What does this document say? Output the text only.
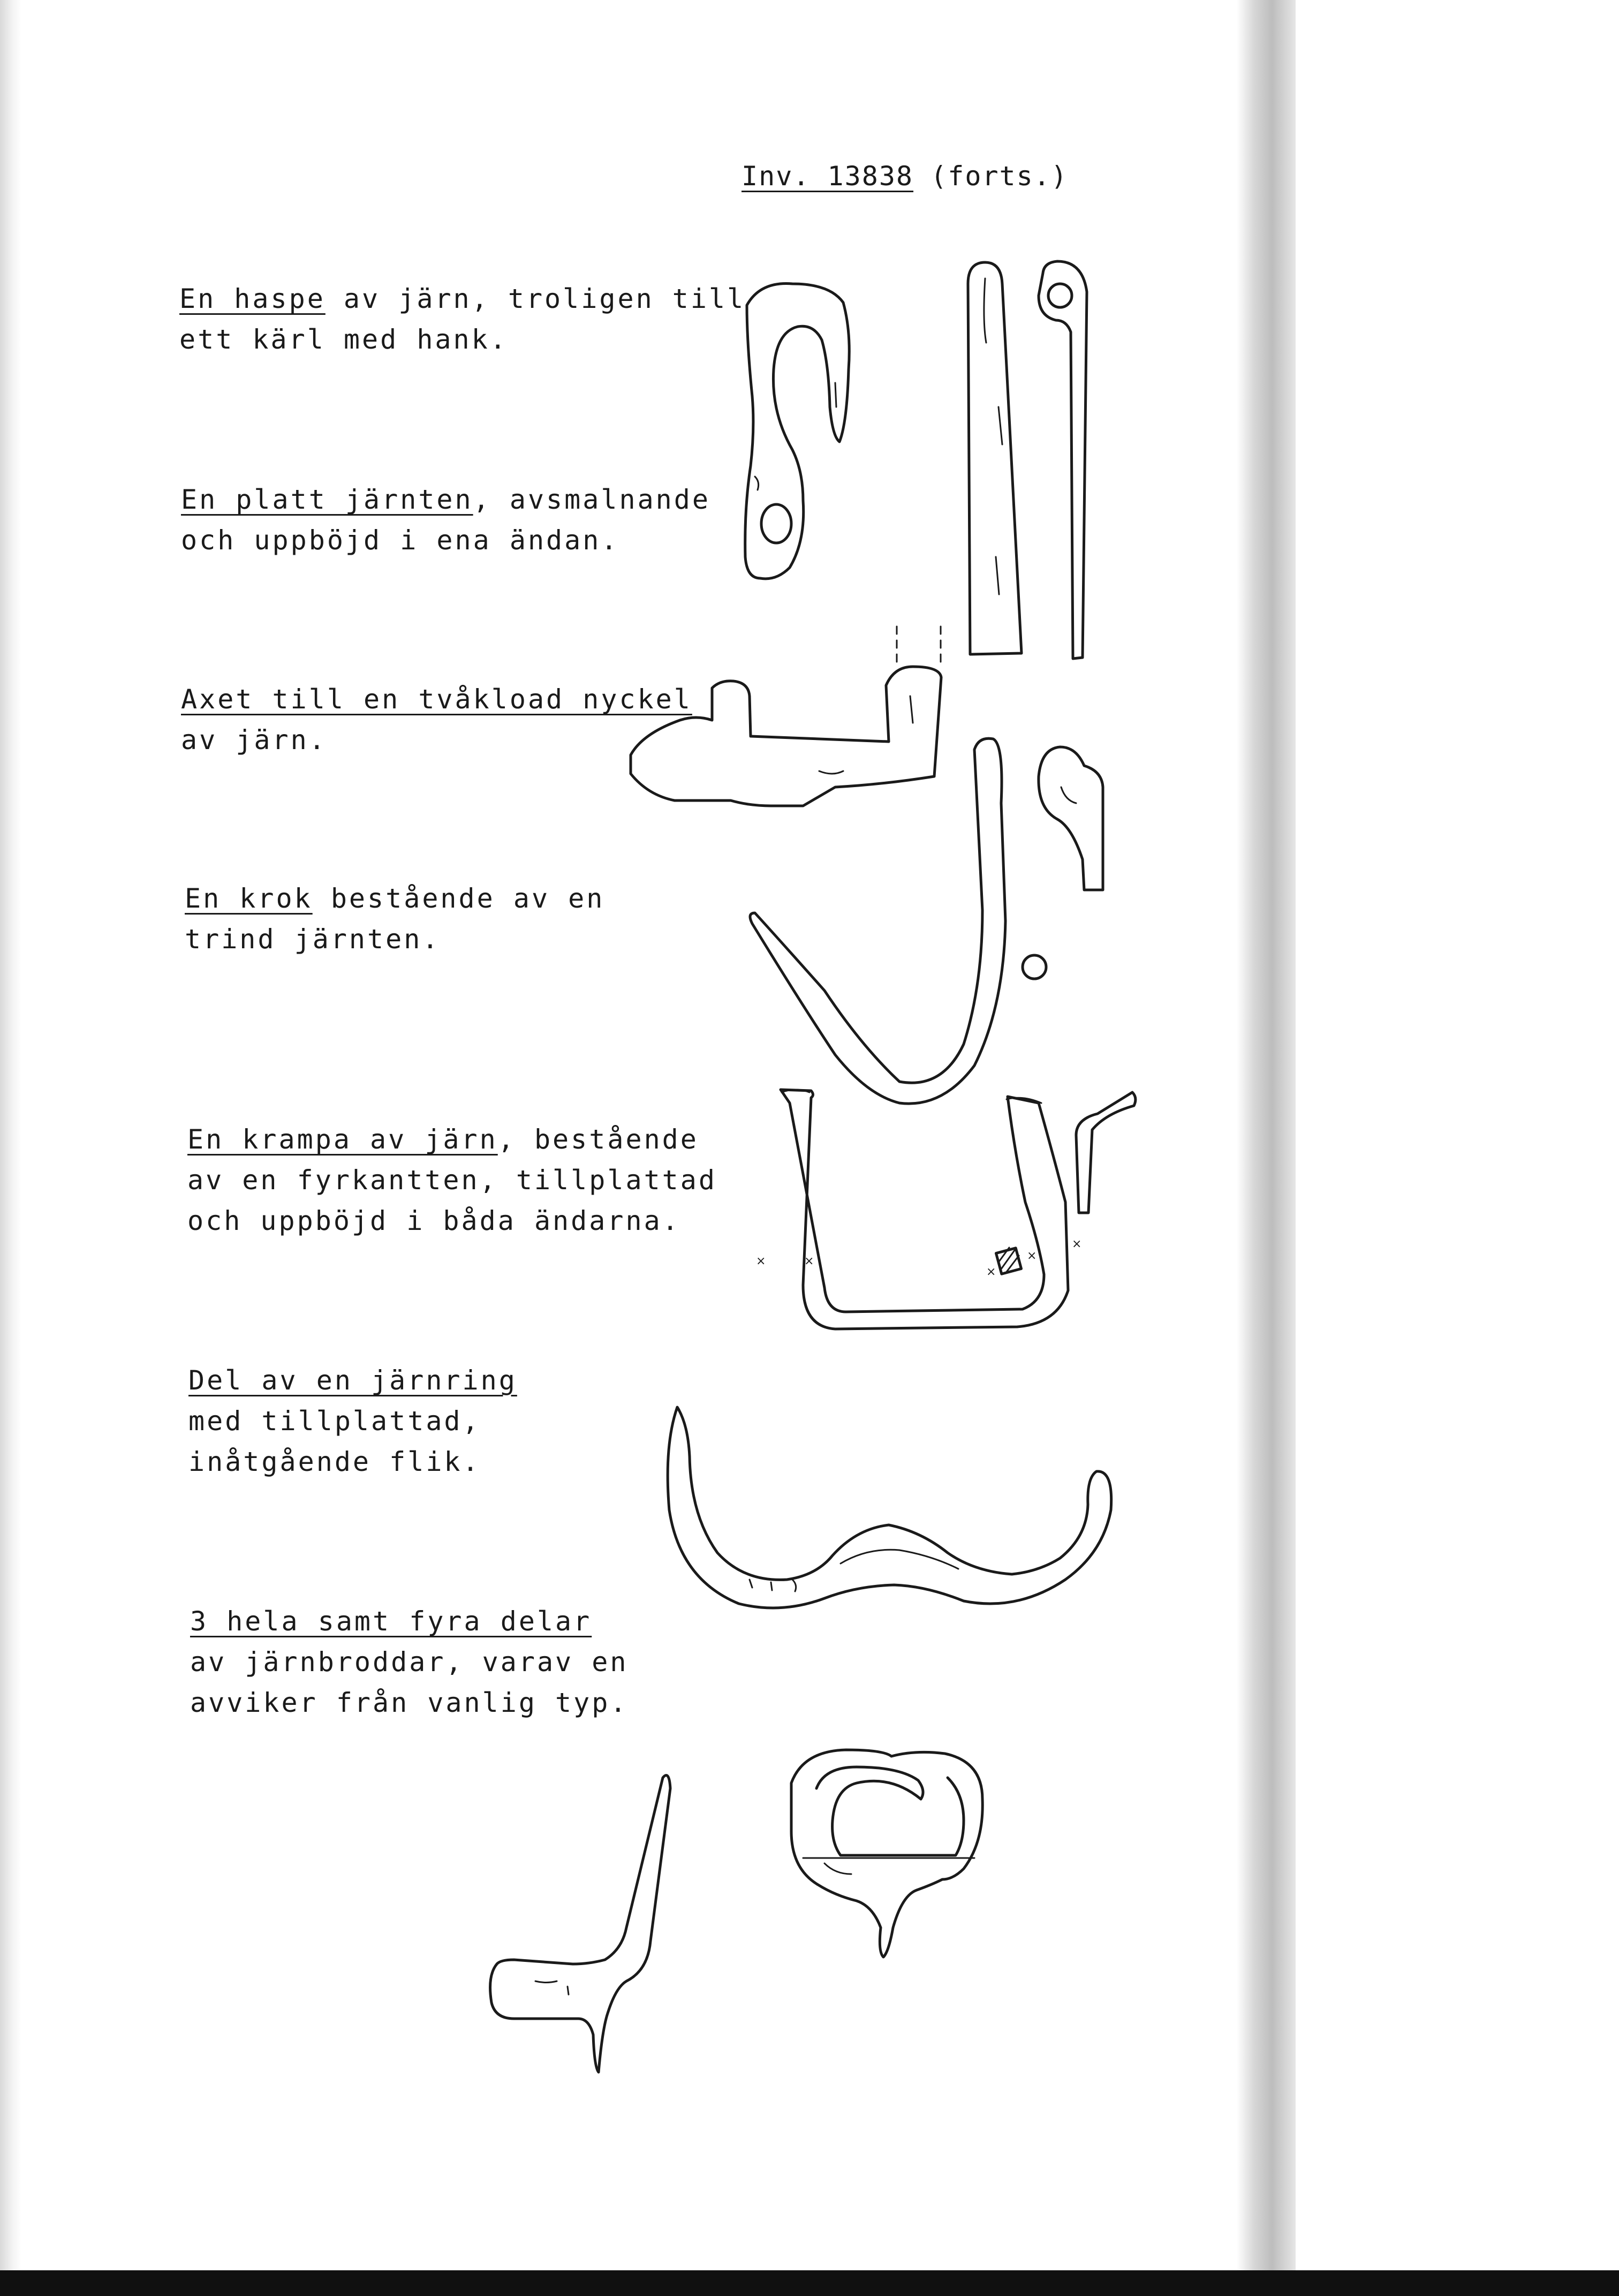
Inv. 13838 (forts.)
En haspe av järn, troligen till
ett kärl med hank.
En platt järnten, avsmalnande
och uppböjd i ena ändan.
Axet till en tvåkload nyckel
av järn.
En krok bestående av en
trind järnten.
En krampa av järn, bestående
av en fyrkantten, tillplattad
och uppböjd i båda ändarna.
Del av en järnring
med tillplattad,
inåtgående flik.
3 hela samt fyra delar
av järnbroddar, varav en
avviker från vanlig typ.
×	×
×
×
×
